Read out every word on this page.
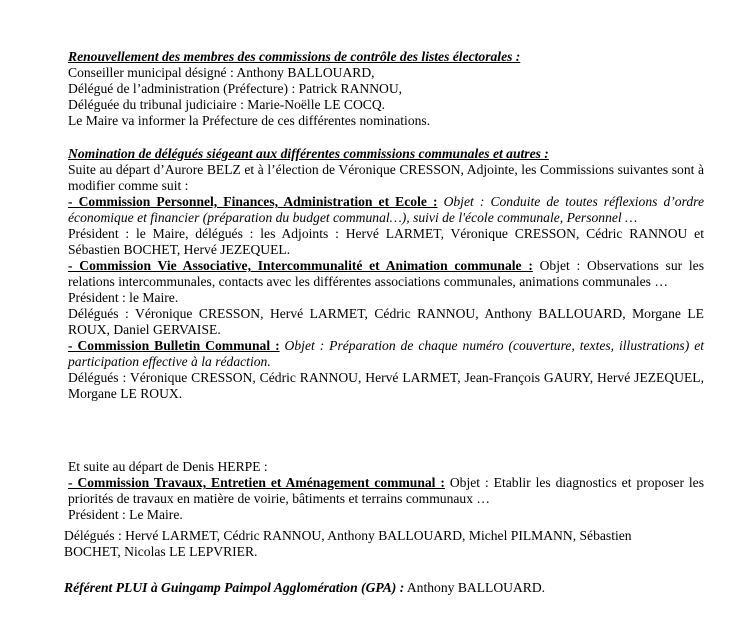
Renouvellement des membres des commissions de contrôle des listes électorales :
Conseiller municipal désigné : Anthony BALLOUARD,
Délégué de l’administration (Préfecture) : Patrick RANNOU,
Déléguée du tribunal judiciaire : Marie-Noëlle LE COCQ.
Le Maire va informer la Préfecture de ces différentes nominations.
Nomination de délégués siégeant aux différentes commissions communales et autres :
Suite au départ d’Aurore BELZ et à l’élection de Véronique CRESSON, Adjointe, les Commissions suivantes sont à modifier comme suit :
- Commission Personnel, Finances, Administration et Ecole : Objet : Conduite de toutes réflexions d’ordre économique et financier (préparation du budget communal…), suivi de l'école communale, Personnel …
Président : le Maire, délégués : les Adjoints : Hervé LARMET, Véronique CRESSON, Cédric RANNOU et Sébastien BOCHET, Hervé JEZEQUEL.
- Commission Vie Associative, Intercommunalité et Animation communale : Objet : Observations sur les relations intercommunales, contacts avec les différentes associations communales, animations communales …
Président : le Maire.
Délégués : Véronique CRESSON, Hervé LARMET, Cédric RANNOU, Anthony BALLOUARD, Morgane LE ROUX, Daniel GERVAISE.
- Commission Bulletin Communal : Objet : Préparation de chaque numéro (couverture, textes, illustrations) et participation effective à la rédaction.
Délégués : Véronique CRESSON, Cédric RANNOU, Hervé LARMET, Jean-François GAURY, Hervé JEZEQUEL, Morgane LE ROUX.
Et suite au départ de Denis HERPE :
- Commission Travaux, Entretien et Aménagement communal : Objet : Etablir les diagnostics et proposer les priorités de travaux en matière de voirie, bâtiments et terrains communaux …
Président : Le Maire.
Délégués : Hervé LARMET, Cédric RANNOU, Anthony BALLOUARD, Michel PILMANN, Sébastien BOCHET, Nicolas LE LEPVRIER.
Référent PLUI à Guingamp Paimpol Agglomération (GPA) : Anthony BALLOUARD.
